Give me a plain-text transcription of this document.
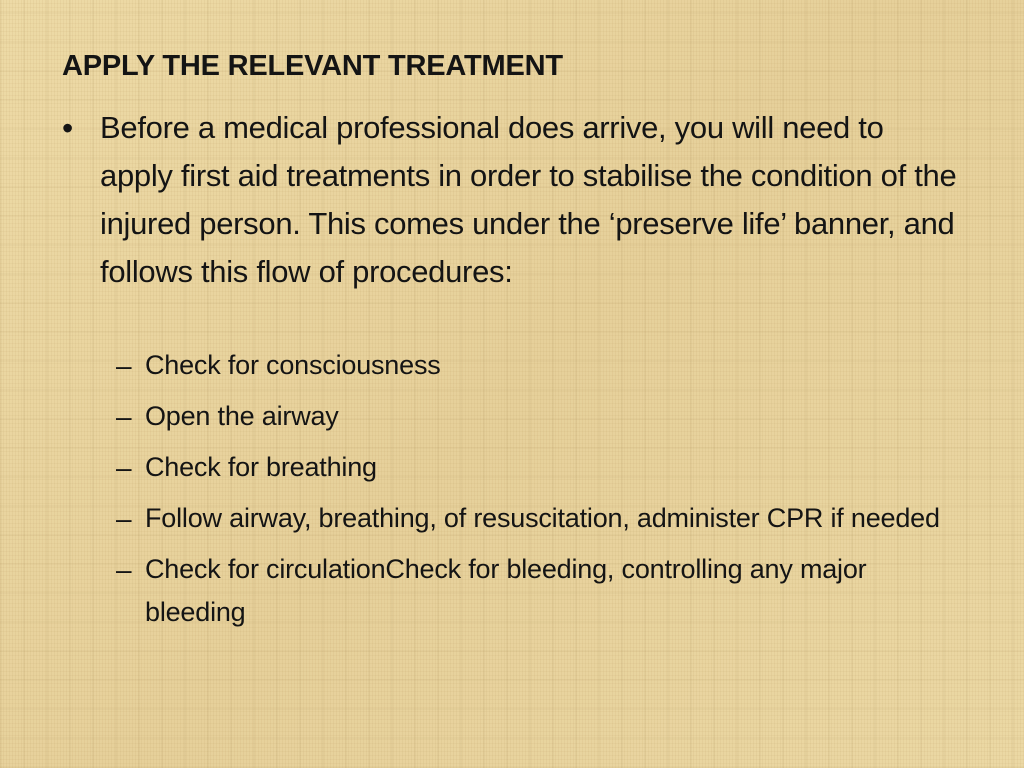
APPLY THE RELEVANT TREATMENT
• Before a medical professional does arrive, you will need to apply first aid treatments in order to stabilise the condition of the injured person. This comes under the ‘preserve life’ banner, and follows this flow of procedures:
– Check for consciousness
– Open the airway
– Check for breathing
– Follow airway, breathing, of resuscitation, administer CPR if needed
– Check for circulationCheck for bleeding, controlling any major bleeding
